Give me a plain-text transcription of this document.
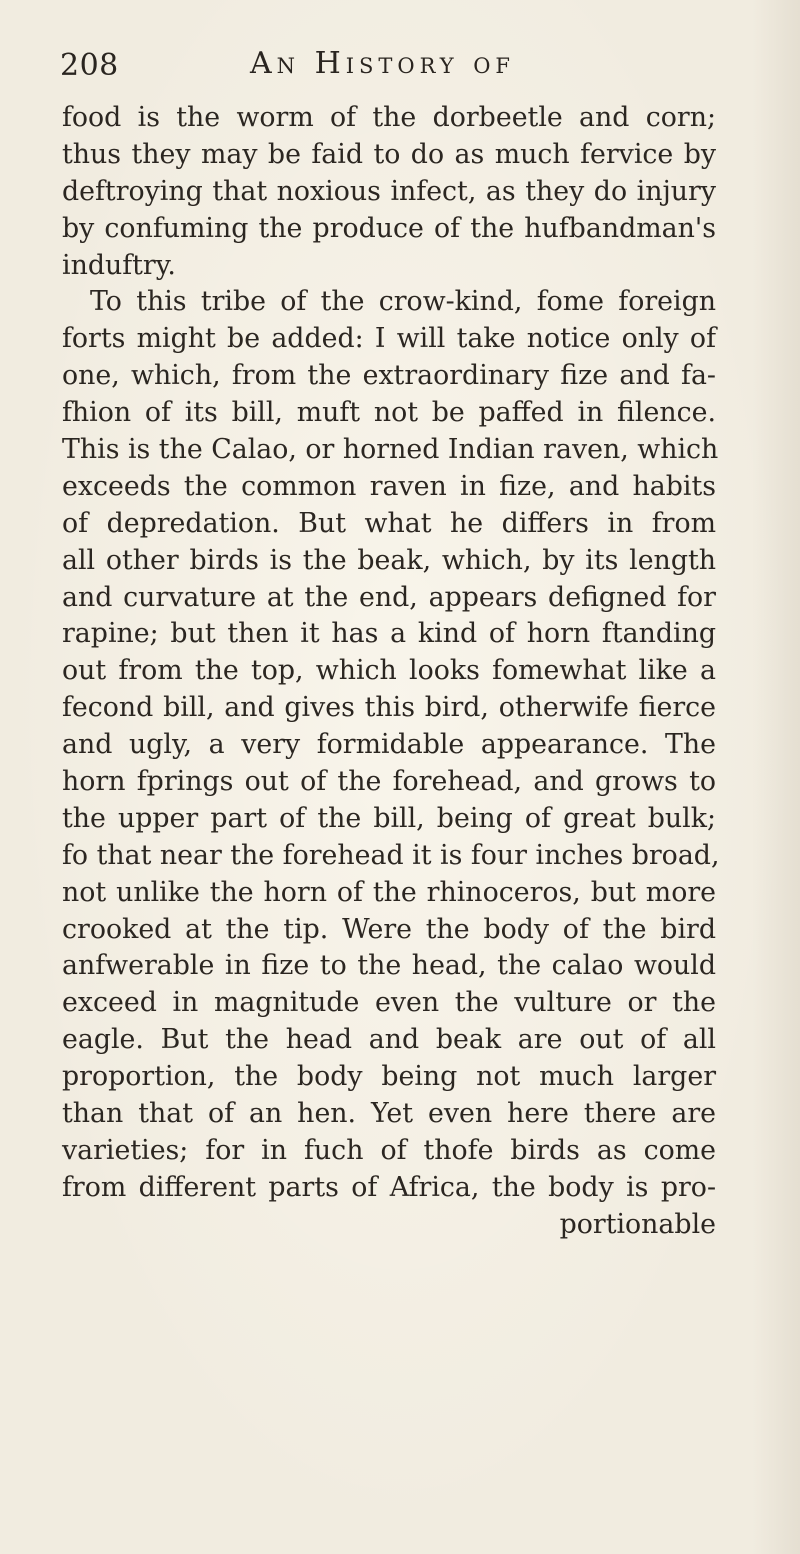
208	An History of
food is the worm of the dorbeetle and corn;
thus they may be faid to do as much fervice by
deftroying that noxious infect, as they do injury
by confuming the produce of the hufbandman's
induftry.
To this tribe of the crow-kind, fome foreign
forts might be added: I will take notice only of
one, which, from the extraordinary fize and fa-
fhion of its bill, muft not be paffed in filence.
This is the Calao, or horned Indian raven, which
exceeds the common raven in fize, and habits
of depredation. But what he differs in from
all other birds is the beak, which, by its length
and curvature at the end, appears defigned for
rapine; but then it has a kind of horn ftanding
out from the top, which looks fomewhat like a
fecond bill, and gives this bird, otherwife fierce
and ugly, a very formidable appearance. The
horn fprings out of the forehead, and grows to
the upper part of the bill, being of great bulk;
fo that near the forehead it is four inches broad,
not unlike the horn of the rhinoceros, but more
crooked at the tip. Were the body of the bird
anfwerable in fize to the head, the calao would
exceed in magnitude even the vulture or the
eagle. But the head and beak are out of all
proportion, the body being not much larger
than that of an hen. Yet even here there are
varieties; for in fuch of thofe birds as come
from different parts of Africa, the body is pro-
portionable
